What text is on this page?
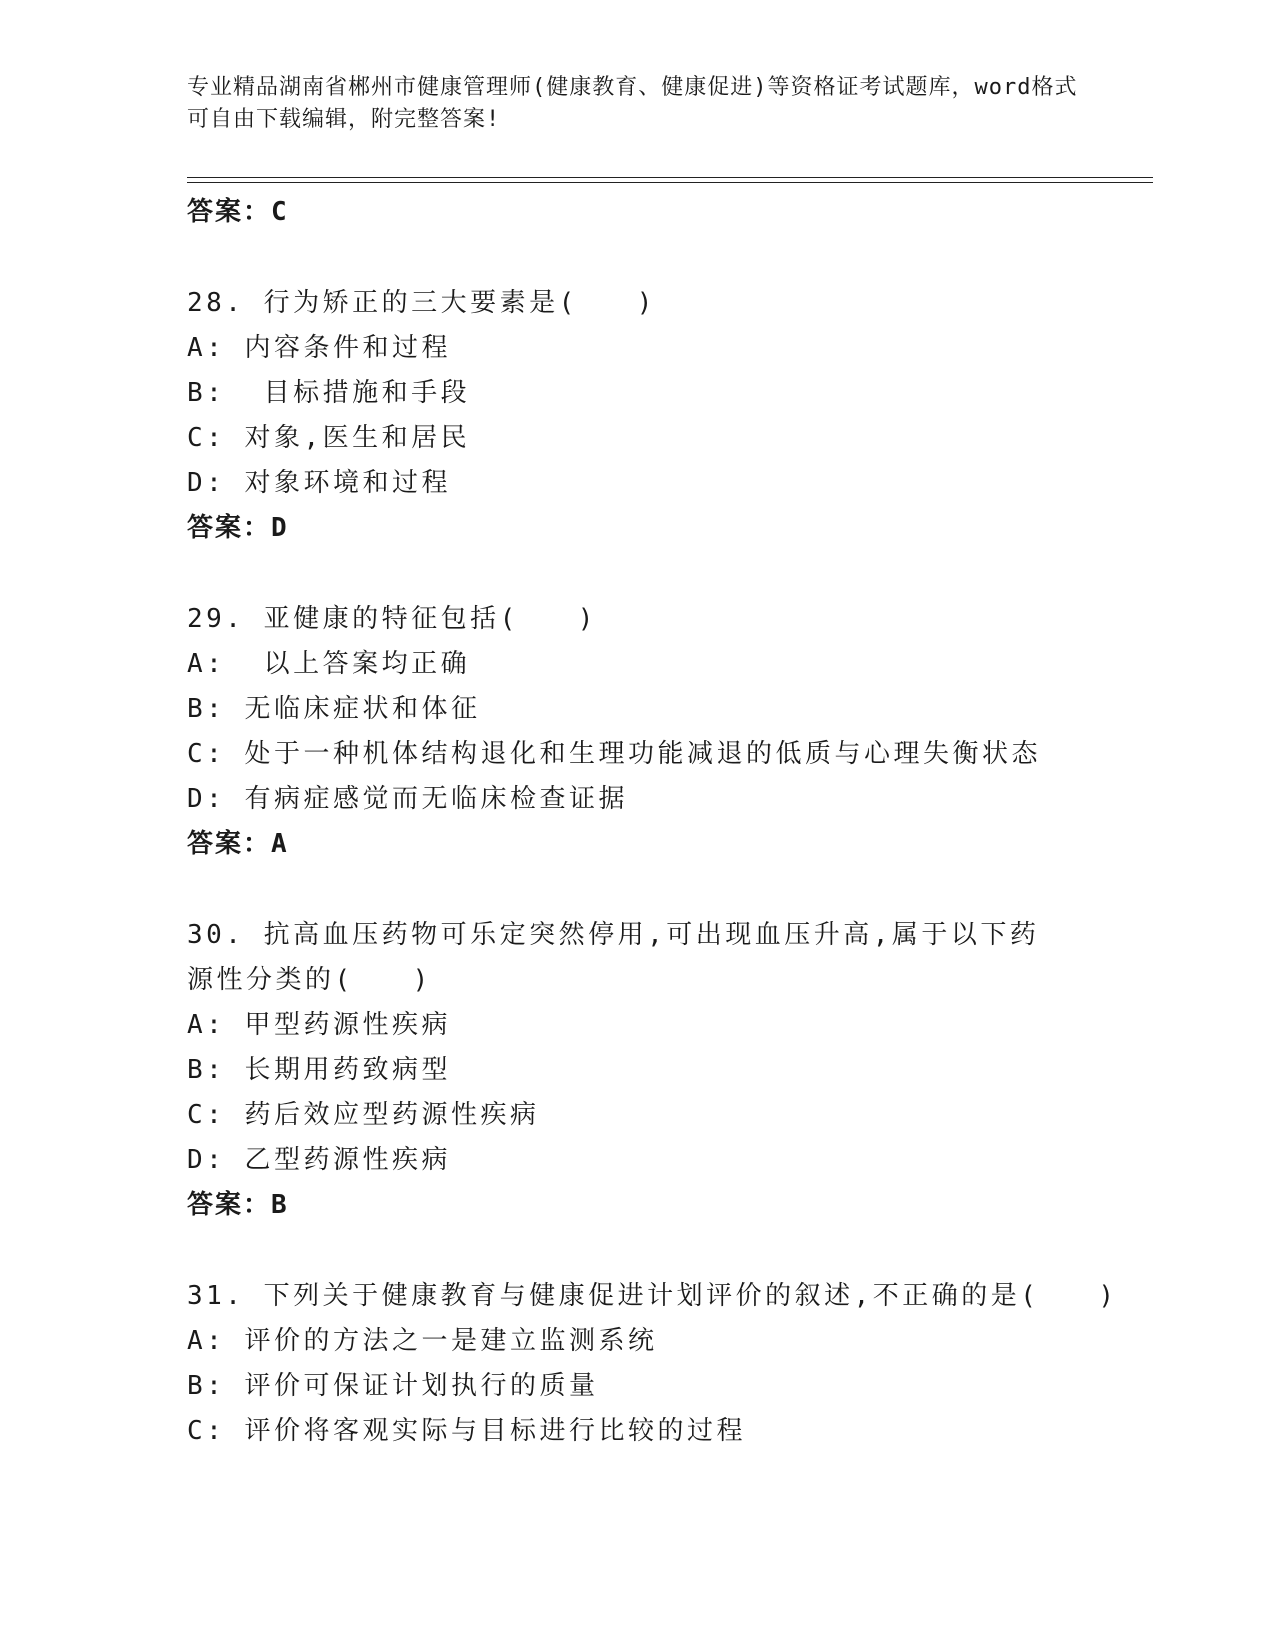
专业精品湖南省郴州市健康管理师(健康教育、健康促进)等资格证考试题库，word格式可自由下载编辑，附完整答案!

答案：C

28. 行为矫正的三大要素是(　　)

A: 内容条件和过程

B:  目标措施和手段

C: 对象,医生和居民

D: 对象环境和过程

答案：D

29. 亚健康的特征包括(　　)

A:  以上答案均正确

B: 无临床症状和体征

C: 处于一种机体结构退化和生理功能减退的低质与心理失衡状态

D: 有病症感觉而无临床检查证据

答案：A

30. 抗高血压药物可乐定突然停用,可出现血压升高,属于以下药源性分类的(　　)

A: 甲型药源性疾病

B: 长期用药致病型

C: 药后效应型药源性疾病

D: 乙型药源性疾病

答案：B

31. 下列关于健康教育与健康促进计划评价的叙述,不正确的是(　　)

A: 评价的方法之一是建立监测系统

B: 评价可保证计划执行的质量

C: 评价将客观实际与目标进行比较的过程
